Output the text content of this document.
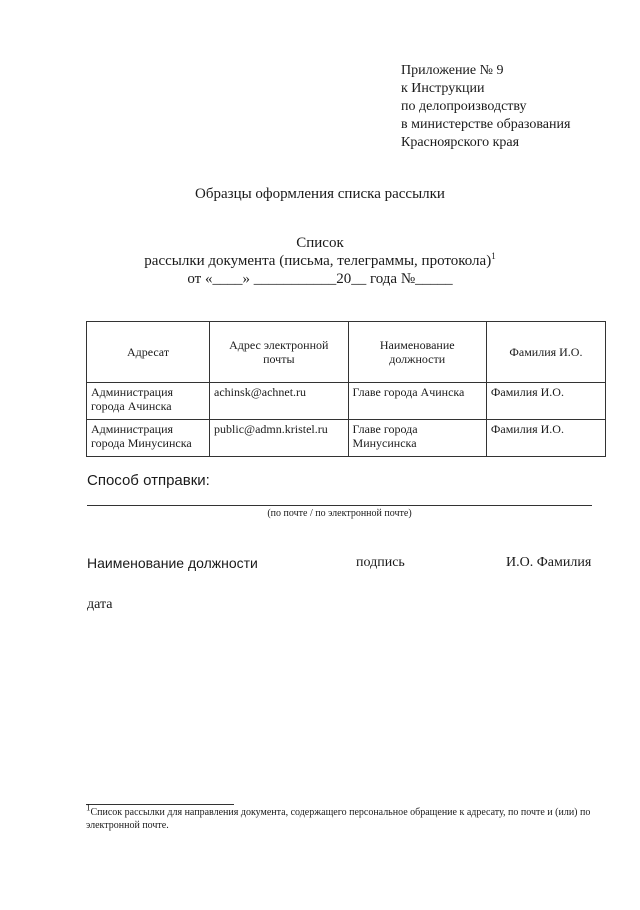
Приложение № 9
к Инструкции
по делопроизводству
в министерстве образования
Красноярского края
Образцы оформления списка рассылки
Список
рассылки документа (письма, телеграммы, протокола)$^1$
от «____» ___________20__ года №_____
Адресат	Адрес электронной почты	Наименование должности	Фамилия И.О.
Администрация города Ачинска	achinsk@achnet.ru	Главе города Ачинска	Фамилия И.О.
Администрация города Минусинска	public@admn.kristel.ru	Главе города Минусинска	Фамилия И.О.
Способ отправки:
(по почте / по электронной почте)
Наименование должности	подпись	И.О. Фамилия
дата
$^1$Список рассылки для направления документа, содержащего персональное обращение к адресату, по почте и (или) по электронной почте.
